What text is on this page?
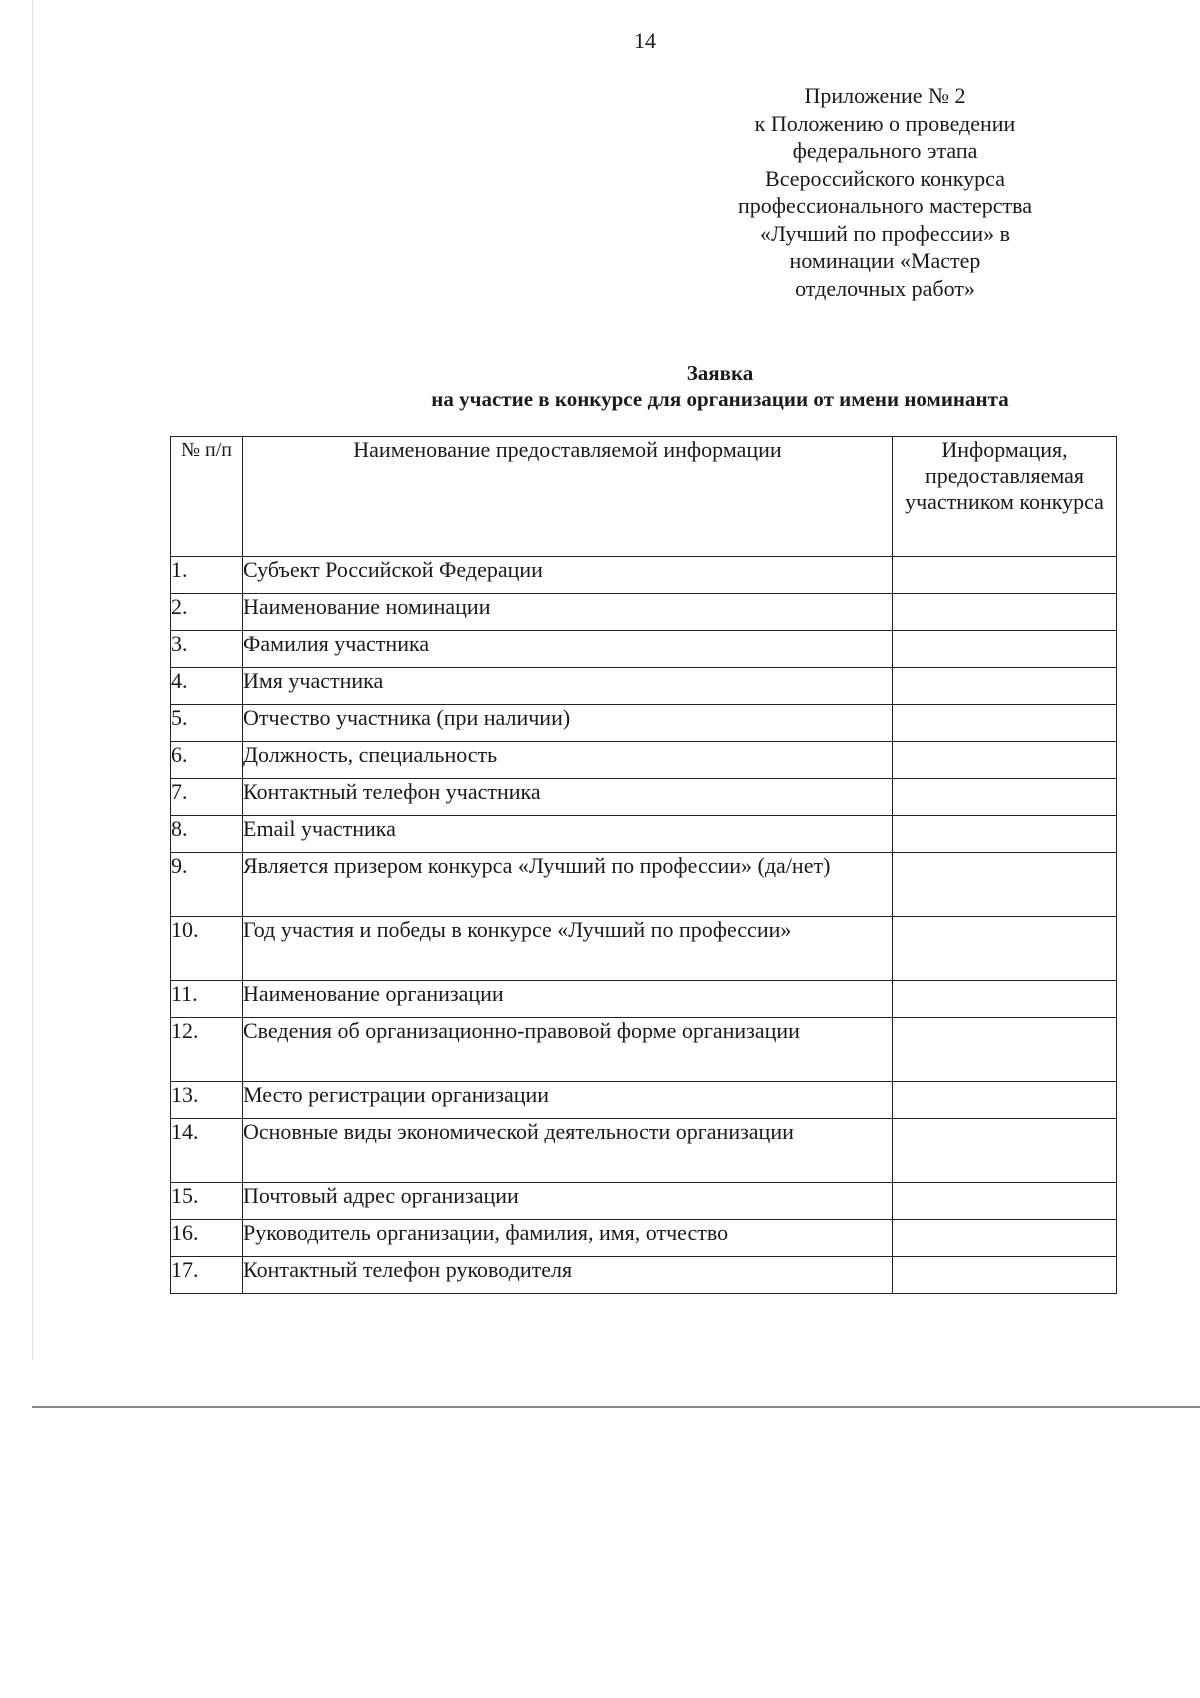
14
Приложение № 2
к Положению о проведении
федерального этапа
Всероссийского конкурса
профессионального мастерства
«Лучший по профессии» в
номинации «Мастер
отделочных работ»
Заявка
на участие в конкурсе для организации от имени номинанта
№ п/п	Наименование предоставляемой информации	Информация, предоставляемая участником конкурса
1.	Субъект Российской Федерации	
2.	Наименование номинации	
3.	Фамилия участника	
4.	Имя участника	
5.	Отчество участника (при наличии)	
6.	Должность, специальность	
7.	Контактный телефон участника	
8.	Email участника	
9.	Является призером конкурса «Лучший по профессии» (да/нет)	
10.	Год участия и победы в конкурсе «Лучший по профессии»	
11.	Наименование организации	
12.	Сведения об организационно-правовой форме организации	
13.	Место регистрации организации	
14.	Основные виды экономической деятельности организации	
15.	Почтовый адрес организации	
16.	Руководитель организации, фамилия, имя, отчество	
17.	Контактный телефон руководителя	
